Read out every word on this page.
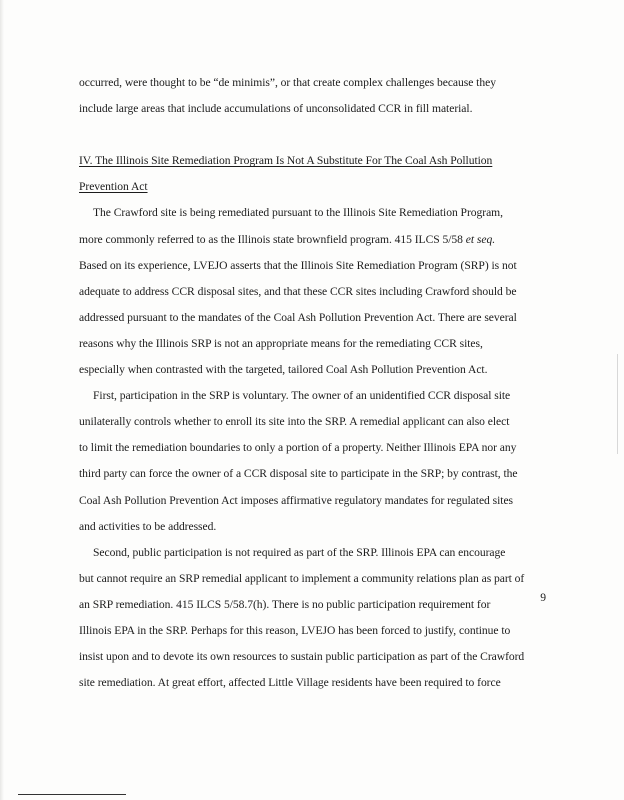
occurred, were thought to be “de minimis”, or that create complex challenges because they
include large areas that include accumulations of unconsolidated CCR in fill material.
IV. The Illinois Site Remediation Program Is Not A Substitute For The Coal Ash Pollution
Prevention Act
The Crawford site is being remediated pursuant to the Illinois Site Remediation Program,
more commonly referred to as the Illinois state brownfield program. 415 ILCS 5/58 et seq.
Based on its experience, LVEJO asserts that the Illinois Site Remediation Program (SRP) is not
adequate to address CCR disposal sites, and that these CCR sites including Crawford should be
addressed pursuant to the mandates of the Coal Ash Pollution Prevention Act. There are several
reasons why the Illinois SRP is not an appropriate means for the remediating CCR sites,
especially when contrasted with the targeted, tailored Coal Ash Pollution Prevention Act.
First, participation in the SRP is voluntary. The owner of an unidentified CCR disposal site
unilaterally controls whether to enroll its site into the SRP. A remedial applicant can also elect
to limit the remediation boundaries to only a portion of a property. Neither Illinois EPA nor any
third party can force the owner of a CCR disposal site to participate in the SRP; by contrast, the
Coal Ash Pollution Prevention Act imposes affirmative regulatory mandates for regulated sites
and activities to be addressed.
Second, public participation is not required as part of the SRP. Illinois EPA can encourage
but cannot require an SRP remedial applicant to implement a community relations plan as part of
an SRP remediation. 415 ILCS 5/58.7(h). There is no public participation requirement for
Illinois EPA in the SRP. Perhaps for this reason, LVEJO has been forced to justify, continue to
insist upon and to devote its own resources to sustain public participation as part of the Crawford
site remediation. At great effort, affected Little Village residents have been required to force
9
